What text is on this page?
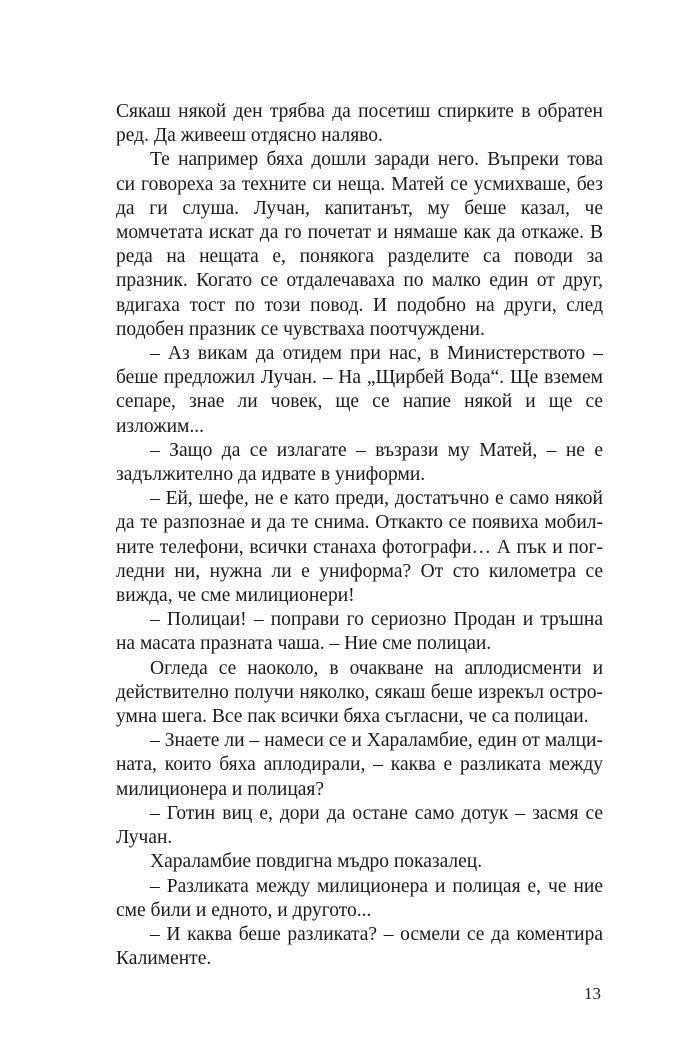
Сякаш някой ден трябва да посетиш спирките в обратен ред. Да живееш отдясно наляво.

Те например бяха дошли заради него. Въпреки това си говореха за техните си неща. Матей се усмихваше, без да ги слуша. Лучан, капитанът, му беше казал, че момчетата искат да го почетат и нямаше как да откаже. В реда на нещата е, понякога разделите са поводи за празник. Когато се отдалечаваха по малко един от друг, вдигаха тост по този повод. И подобно на други, след подобен празник се чувстваха поотчуждени.

– Аз викам да отидем при нас, в Министерството – беше предложил Лучан. – На „Щирбей Вода“. Ще вземем сепаре, знае ли човек, ще се напие някой и ще се изложим...

– Защо да се излагате – възрази му Матей, – не е задължително да идвате в униформи.

– Ей, шефе, не е като преди, достатъчно е само някой да те разпознае и да те снима. Откакто се появиха мобилните телефони, всички станаха фотографи… А пък и погледни ни, нужна ли е униформа? От сто километра се вижда, че сме милиционери!

– Полицаи! – поправи го сериозно Продан и тръшна на масата празната чаша. – Ние сме полицаи.

Огледа се наоколо, в очакване на аплодисменти и действително получи няколко, сякаш беше изрекъл остроумна шега. Все пак всички бяха съгласни, че са полицаи.

– Знаете ли – намеси се и Хараламбие, един от малцината, които бяха аплодирали, – каква е разликата между милиционера и полицая?

– Готин виц е, дори да остане само дотук – засмя се Лучан.

Хараламбие повдигна мъдро показалец.

– Разликата между милиционера и полицая е, че ние сме били и едното, и другото...

– И каква беше разликата? – осмели се да коментира Калименте.

13
